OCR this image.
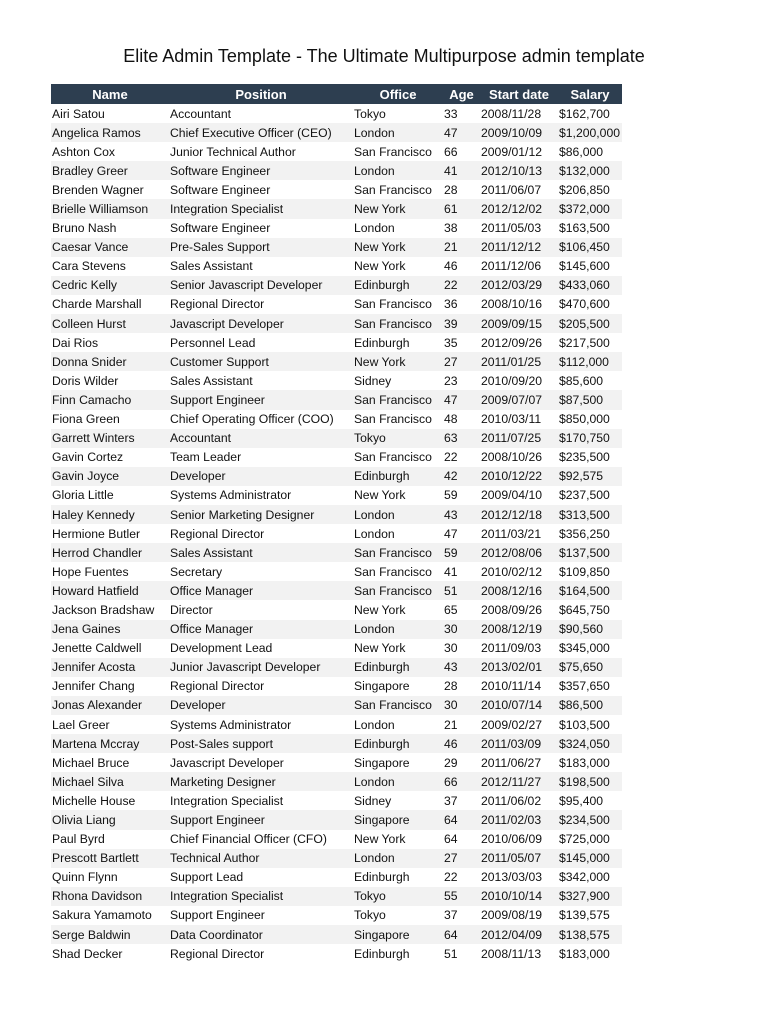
Elite Admin Template - The Ultimate Multipurpose admin template
Name	Position	Office	Age	Start date	Salary
Airi Satou	Accountant	Tokyo	33	2008/11/28	$162,700
Angelica Ramos	Chief Executive Officer (CEO)	London	47	2009/10/09	$1,200,000
Ashton Cox	Junior Technical Author	San Francisco	66	2009/01/12	$86,000
Bradley Greer	Software Engineer	London	41	2012/10/13	$132,000
Brenden Wagner	Software Engineer	San Francisco	28	2011/06/07	$206,850
Brielle Williamson	Integration Specialist	New York	61	2012/12/02	$372,000
Bruno Nash	Software Engineer	London	38	2011/05/03	$163,500
Caesar Vance	Pre-Sales Support	New York	21	2011/12/12	$106,450
Cara Stevens	Sales Assistant	New York	46	2011/12/06	$145,600
Cedric Kelly	Senior Javascript Developer	Edinburgh	22	2012/03/29	$433,060
Charde Marshall	Regional Director	San Francisco	36	2008/10/16	$470,600
Colleen Hurst	Javascript Developer	San Francisco	39	2009/09/15	$205,500
Dai Rios	Personnel Lead	Edinburgh	35	2012/09/26	$217,500
Donna Snider	Customer Support	New York	27	2011/01/25	$112,000
Doris Wilder	Sales Assistant	Sidney	23	2010/09/20	$85,600
Finn Camacho	Support Engineer	San Francisco	47	2009/07/07	$87,500
Fiona Green	Chief Operating Officer (COO)	San Francisco	48	2010/03/11	$850,000
Garrett Winters	Accountant	Tokyo	63	2011/07/25	$170,750
Gavin Cortez	Team Leader	San Francisco	22	2008/10/26	$235,500
Gavin Joyce	Developer	Edinburgh	42	2010/12/22	$92,575
Gloria Little	Systems Administrator	New York	59	2009/04/10	$237,500
Haley Kennedy	Senior Marketing Designer	London	43	2012/12/18	$313,500
Hermione Butler	Regional Director	London	47	2011/03/21	$356,250
Herrod Chandler	Sales Assistant	San Francisco	59	2012/08/06	$137,500
Hope Fuentes	Secretary	San Francisco	41	2010/02/12	$109,850
Howard Hatfield	Office Manager	San Francisco	51	2008/12/16	$164,500
Jackson Bradshaw	Director	New York	65	2008/09/26	$645,750
Jena Gaines	Office Manager	London	30	2008/12/19	$90,560
Jenette Caldwell	Development Lead	New York	30	2011/09/03	$345,000
Jennifer Acosta	Junior Javascript Developer	Edinburgh	43	2013/02/01	$75,650
Jennifer Chang	Regional Director	Singapore	28	2010/11/14	$357,650
Jonas Alexander	Developer	San Francisco	30	2010/07/14	$86,500
Lael Greer	Systems Administrator	London	21	2009/02/27	$103,500
Martena Mccray	Post-Sales support	Edinburgh	46	2011/03/09	$324,050
Michael Bruce	Javascript Developer	Singapore	29	2011/06/27	$183,000
Michael Silva	Marketing Designer	London	66	2012/11/27	$198,500
Michelle House	Integration Specialist	Sidney	37	2011/06/02	$95,400
Olivia Liang	Support Engineer	Singapore	64	2011/02/03	$234,500
Paul Byrd	Chief Financial Officer (CFO)	New York	64	2010/06/09	$725,000
Prescott Bartlett	Technical Author	London	27	2011/05/07	$145,000
Quinn Flynn	Support Lead	Edinburgh	22	2013/03/03	$342,000
Rhona Davidson	Integration Specialist	Tokyo	55	2010/10/14	$327,900
Sakura Yamamoto	Support Engineer	Tokyo	37	2009/08/19	$139,575
Serge Baldwin	Data Coordinator	Singapore	64	2012/04/09	$138,575
Shad Decker	Regional Director	Edinburgh	51	2008/11/13	$183,000
